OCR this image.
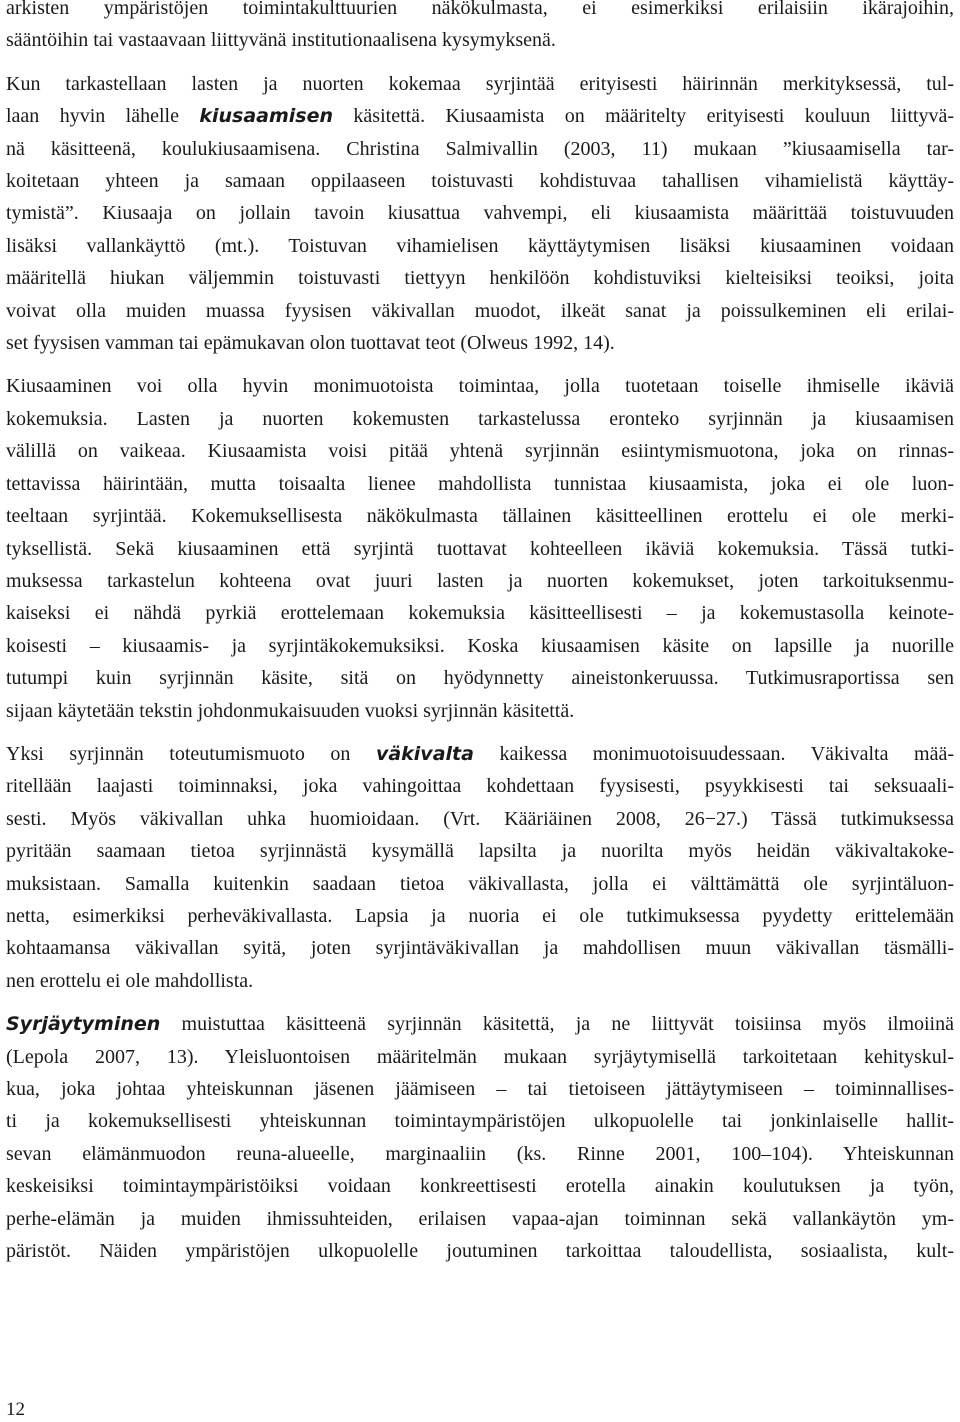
arkisten ympäristöjen toimintakulttuurien näkökulmasta, ei esimerkiksi erilaisiin ikärajoihin,
sääntöihin tai vastaavaan liittyvänä institutionaalisena kysymyksenä.
Kun tarkastellaan lasten ja nuorten kokemaa syrjintää erityisesti häirinnän merkityksessä, tul-
laan hyvin lähelle kiusaamisen käsitettä. Kiusaamista on määritelty erityisesti kouluun liittyvä-
nä käsitteenä, koulukiusaamisena. Christina Salmivallin (2003, 11) mukaan ”kiusaamisella tar-
koitetaan yhteen ja samaan oppilaaseen toistuvasti kohdistuvaa tahallisen vihamielistä käyttäy-
tymistä”. Kiusaaja on jollain tavoin kiusattua vahvempi, eli kiusaamista määrittää toistuvuuden
lisäksi vallankäyttö (mt.). Toistuvan vihamielisen käyttäytymisen lisäksi kiusaaminen voidaan
määritellä hiukan väljemmin toistuvasti tiettyyn henkilöön kohdistuviksi kielteisiksi teoiksi, joita
voivat olla muiden muassa fyysisen väkivallan muodot, ilkeät sanat ja poissulkeminen eli erilai-
set fyysisen vamman tai epämukavan olon tuottavat teot (Olweus 1992, 14).
Kiusaaminen voi olla hyvin monimuotoista toimintaa, jolla tuotetaan toiselle ihmiselle ikäviä
kokemuksia. Lasten ja nuorten kokemusten tarkastelussa eronteko syrjinnän ja kiusaamisen
välillä on vaikeaa. Kiusaamista voisi pitää yhtenä syrjinnän esiintymismuotona, joka on rinnas-
tettavissa häirintään, mutta toisaalta lienee mahdollista tunnistaa kiusaamista, joka ei ole luon-
teeltaan syrjintää. Kokemuksellisesta näkökulmasta tällainen käsitteellinen erottelu ei ole merki-
tyksellistä. Sekä kiusaaminen että syrjintä tuottavat kohteelleen ikäviä kokemuksia. Tässä tutki-
muksessa tarkastelun kohteena ovat juuri lasten ja nuorten kokemukset, joten tarkoituksenmu-
kaiseksi ei nähdä pyrkiä erottelemaan kokemuksia käsitteellisesti – ja kokemustasolla keinote-
koisesti – kiusaamis- ja syrjintäkokemuksiksi. Koska kiusaamisen käsite on lapsille ja nuorille
tutumpi kuin syrjinnän käsite, sitä on hyödynnetty aineistonkeruussa. Tutkimusraportissa sen
sijaan käytetään tekstin johdonmukaisuuden vuoksi syrjinnän käsitettä.
Yksi syrjinnän toteutumismuoto on väkivalta kaikessa monimuotoisuudessaan. Väkivalta mää-
ritellään laajasti toiminnaksi, joka vahingoittaa kohdettaan fyysisesti, psyykkisesti tai seksuaali-
sesti. Myös väkivallan uhka huomioidaan. (Vrt. Kääriäinen 2008, 26−27.) Tässä tutkimuksessa
pyritään saamaan tietoa syrjinnästä kysymällä lapsilta ja nuorilta myös heidän väkivaltakoke-
muksistaan. Samalla kuitenkin saadaan tietoa väkivallasta, jolla ei välttämättä ole syrjintäluon-
netta, esimerkiksi perheväkivallasta. Lapsia ja nuoria ei ole tutkimuksessa pyydetty erittelemään
kohtaamansa väkivallan syitä, joten syrjintäväkivallan ja mahdollisen muun väkivallan täsmälli-
nen erottelu ei ole mahdollista.
Syrjäytyminen muistuttaa käsitteenä syrjinnän käsitettä, ja ne liittyvät toisiinsa myös ilmoiinä
(Lepola 2007, 13). Yleisluontoisen määritelmän mukaan syrjäytymisellä tarkoitetaan kehityskul-
kua, joka johtaa yhteiskunnan jäsenen jäämiseen – tai tietoiseen jättäytymiseen – toiminnallises-
ti ja kokemuksellisesti yhteiskunnan toimintaympäristöjen ulkopuolelle tai jonkinlaiselle hallit-
sevan elämänmuodon reuna-alueelle, marginaaliin (ks. Rinne 2001, 100–104). Yhteiskunnan
keskeisiksi toimintaympäristöiksi voidaan konkreettisesti erotella ainakin koulutuksen ja työn,
perhe-elämän ja muiden ihmissuhteiden, erilaisen vapaa-ajan toiminnan sekä vallankäytön ym-
päristöt. Näiden ympäristöjen ulkopuolelle joutuminen tarkoittaa taloudellista, sosiaalista, kult-
12
